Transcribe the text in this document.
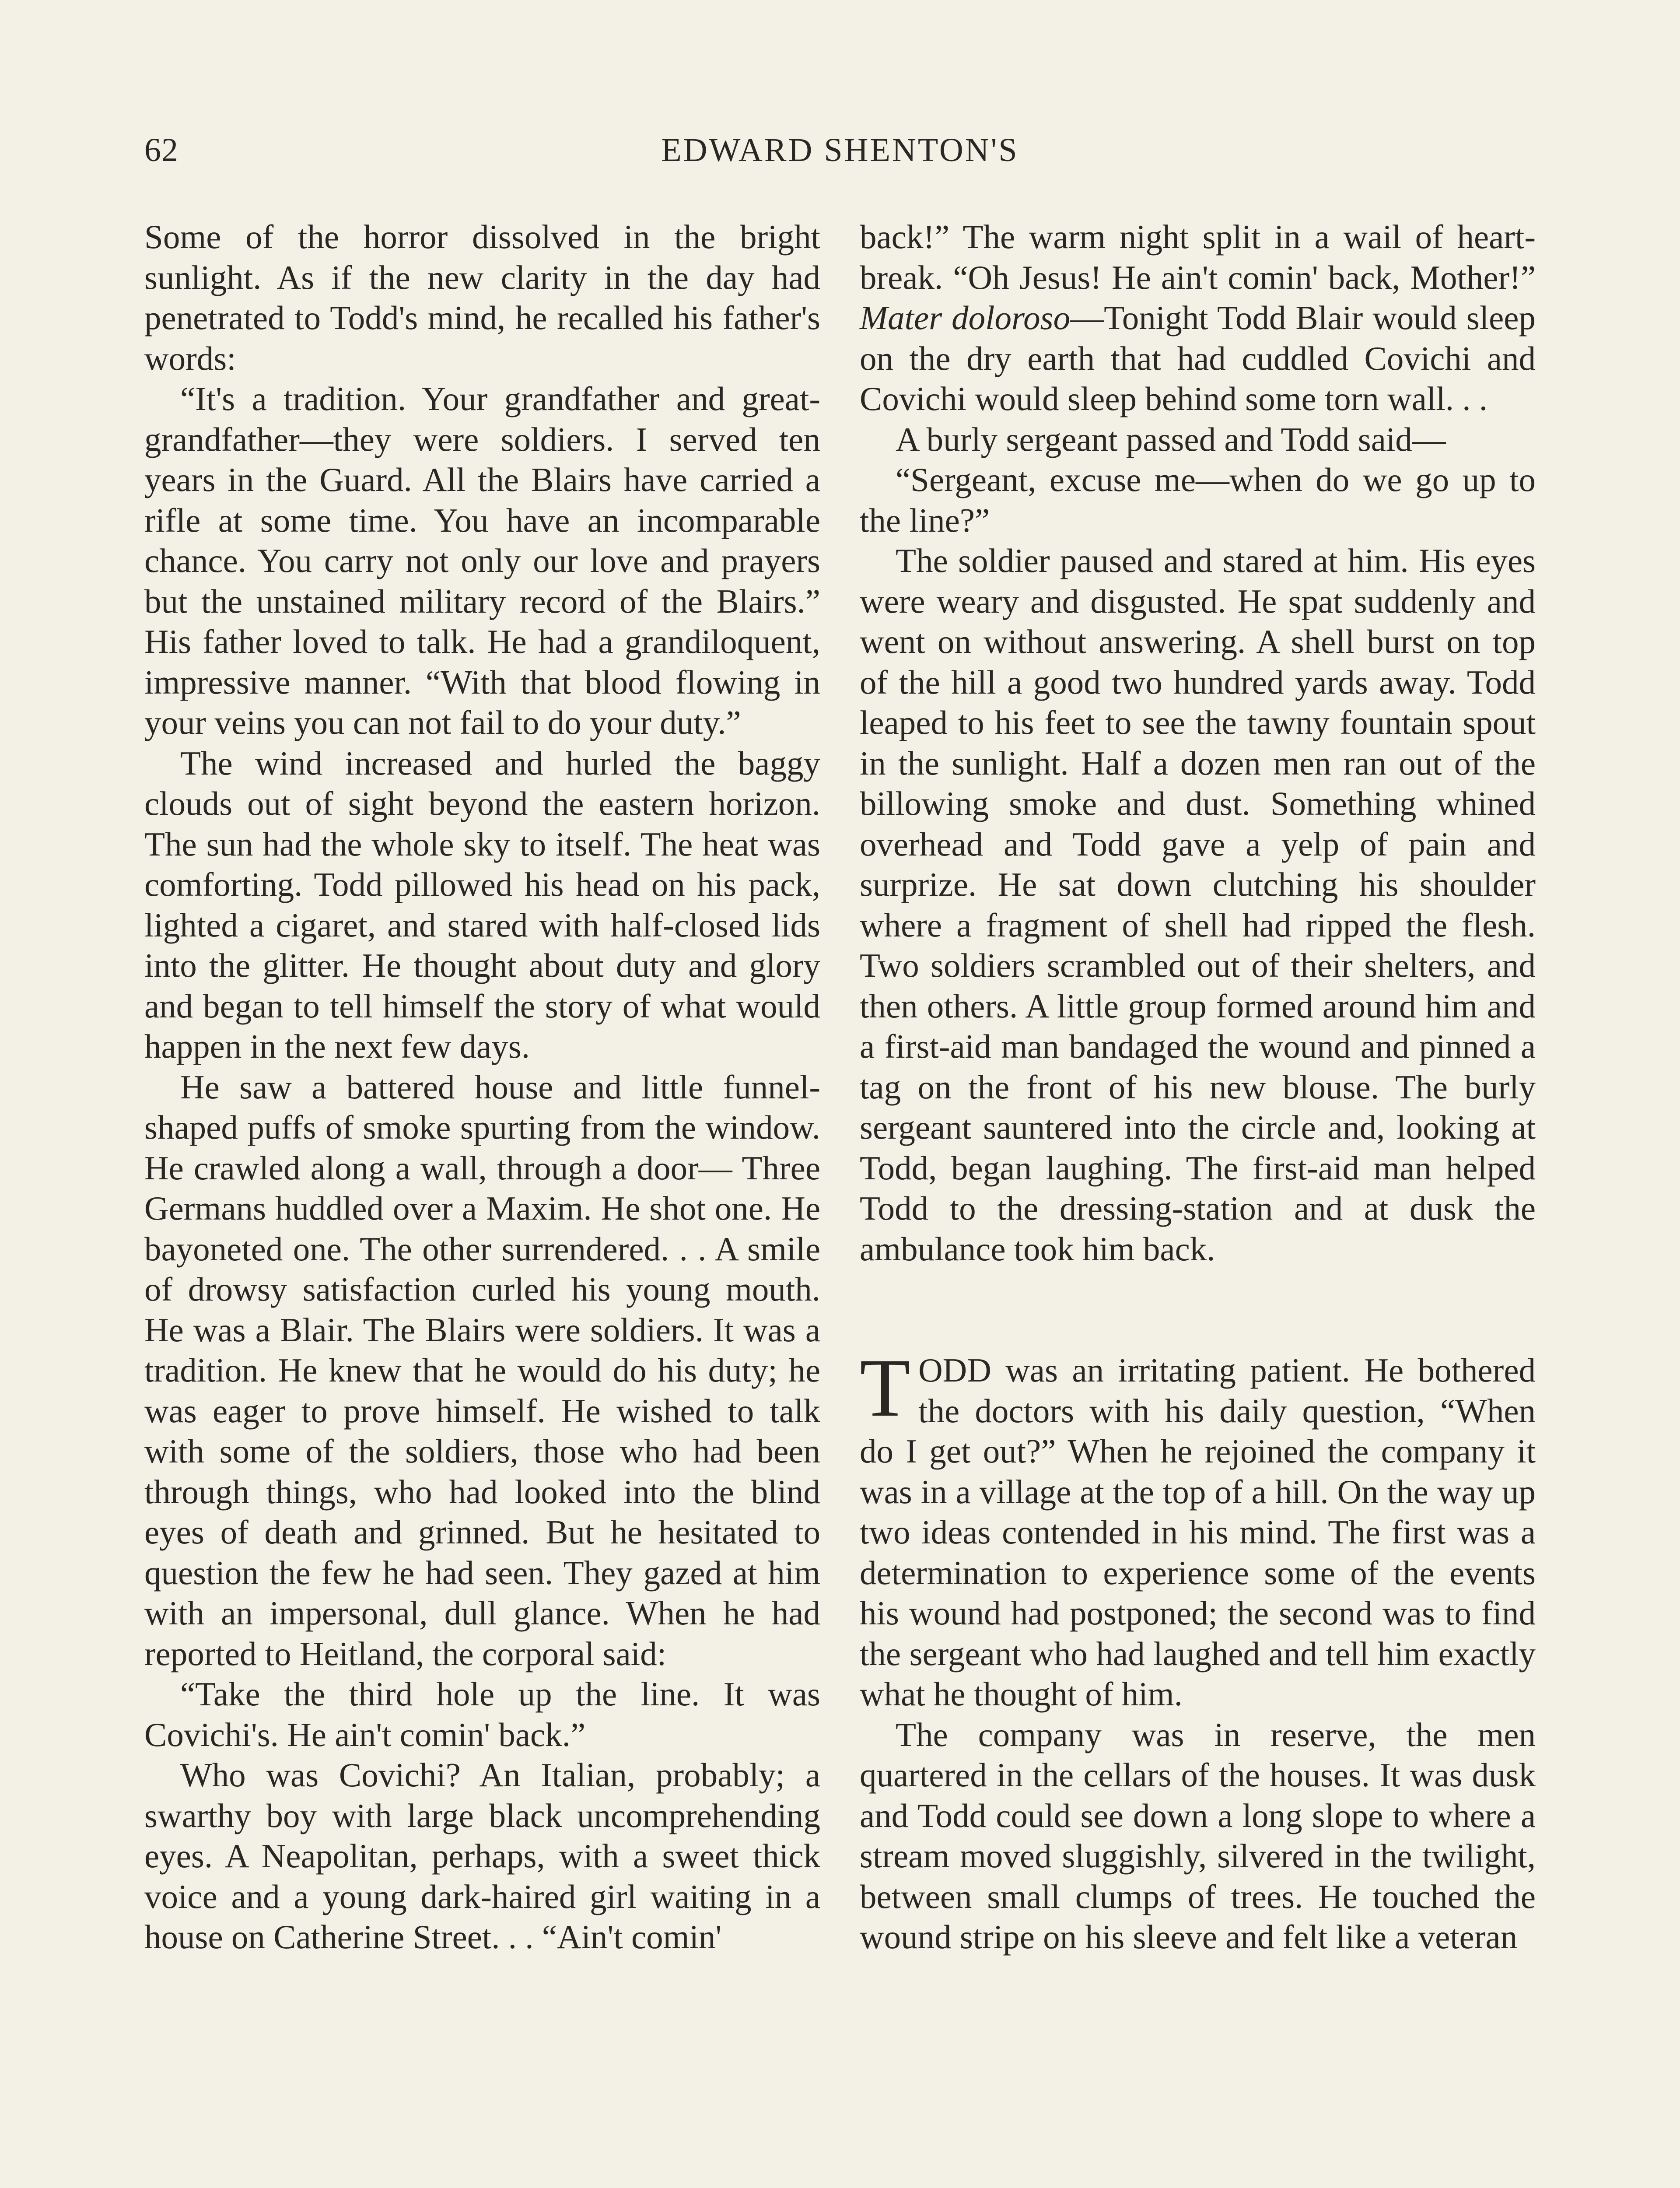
62	EDWARD SHENTON'S

Some of the horror dissolved in the bright sunlight. As if the new clarity in the day had penetrated to Todd's mind, he recalled his father's words:

“It's a tradition. Your grandfather and great-grandfather—they were soldiers. I served ten years in the Guard. All the Blairs have carried a rifle at some time. You have an incomparable chance. You carry not only our love and prayers but the unstained military record of the Blairs.” His father loved to talk. He had a grandiloquent, impressive manner. “With that blood flowing in your veins you can not fail to do your duty.”

The wind increased and hurled the baggy clouds out of sight beyond the eastern horizon. The sun had the whole sky to itself. The heat was comforting. Todd pillowed his head on his pack, lighted a cigaret, and stared with half-closed lids into the glitter. He thought about duty and glory and began to tell himself the story of what would happen in the next few days.

He saw a battered house and little funnel-shaped puffs of smoke spurting from the window. He crawled along a wall, through a door— Three Germans huddled over a Maxim. He shot one. He bayoneted one. The other surrendered. . . A smile of drowsy satisfaction curled his young mouth. He was a Blair. The Blairs were soldiers. It was a tradition. He knew that he would do his duty; he was eager to prove himself. He wished to talk with some of the soldiers, those who had been through things, who had looked into the blind eyes of death and grinned. But he hesitated to question the few he had seen. They gazed at him with an impersonal, dull glance. When he had reported to Heitland, the corporal said:

“Take the third hole up the line. It was Covichi's. He ain't comin' back.”

Who was Covichi? An Italian, probably; a swarthy boy with large black uncomprehending eyes. A Neapolitan, perhaps, with a sweet thick voice and a young dark-haired girl waiting in a house on Catherine Street. . . “Ain't comin'

back!” The warm night split in a wail of heart-break. “Oh Jesus! He ain't comin' back, Mother!” Mater doloroso—Tonight Todd Blair would sleep on the dry earth that had cuddled Covichi and Covichi would sleep behind some torn wall. . .

A burly sergeant passed and Todd said—

“Sergeant, excuse me—when do we go up to the line?”

The soldier paused and stared at him. His eyes were weary and disgusted. He spat suddenly and went on without answering. A shell burst on top of the hill a good two hundred yards away. Todd leaped to his feet to see the tawny fountain spout in the sunlight. Half a dozen men ran out of the billowing smoke and dust. Something whined overhead and Todd gave a yelp of pain and surprize. He sat down clutching his shoulder where a fragment of shell had ripped the flesh. Two soldiers scrambled out of their shelters, and then others. A little group formed around him and a first-aid man bandaged the wound and pinned a tag on the front of his new blouse. The burly sergeant sauntered into the circle and, looking at Todd, began laughing. The first-aid man helped Todd to the dressing-station and at dusk the ambulance took him back.

TODD was an irritating patient. He bothered the doctors with his daily question, “When do I get out?” When he rejoined the company it was in a village at the top of a hill. On the way up two ideas contended in his mind. The first was a determination to experience some of the events his wound had postponed; the second was to find the sergeant who had laughed and tell him exactly what he thought of him.

The company was in reserve, the men quartered in the cellars of the houses. It was dusk and Todd could see down a long slope to where a stream moved sluggishly, silvered in the twilight, between small clumps of trees. He touched the wound stripe on his sleeve and felt like a veteran
